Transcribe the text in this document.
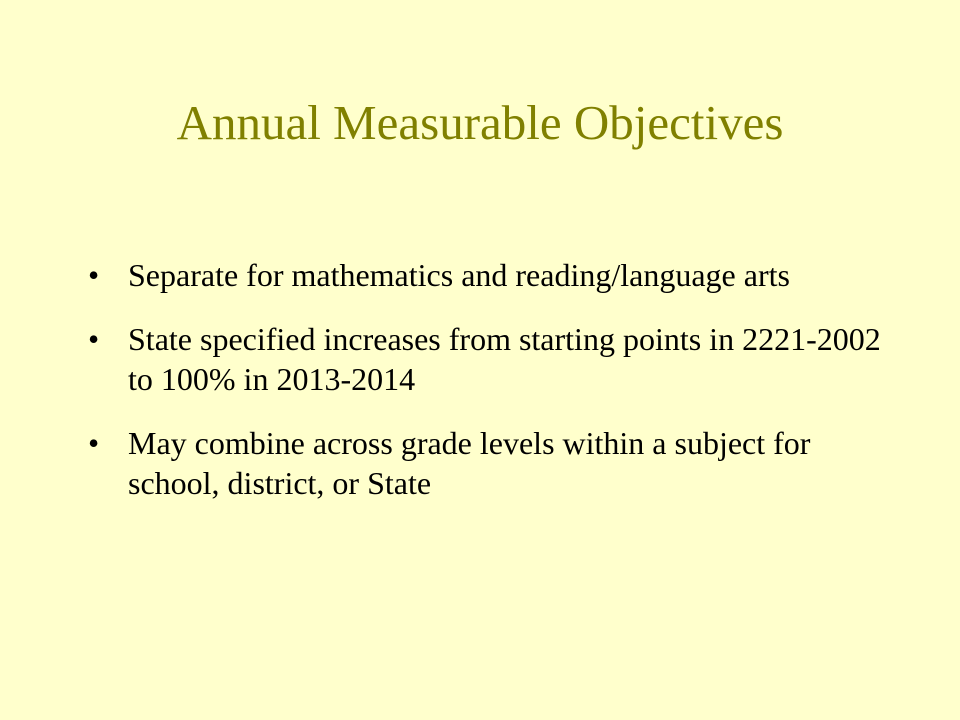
Annual Measurable Objectives
• Separate for mathematics and reading/language arts
• State specified increases from starting points in 2221-2002 to 100% in 2013-2014
• May combine across grade levels within a subject for school, district, or State
